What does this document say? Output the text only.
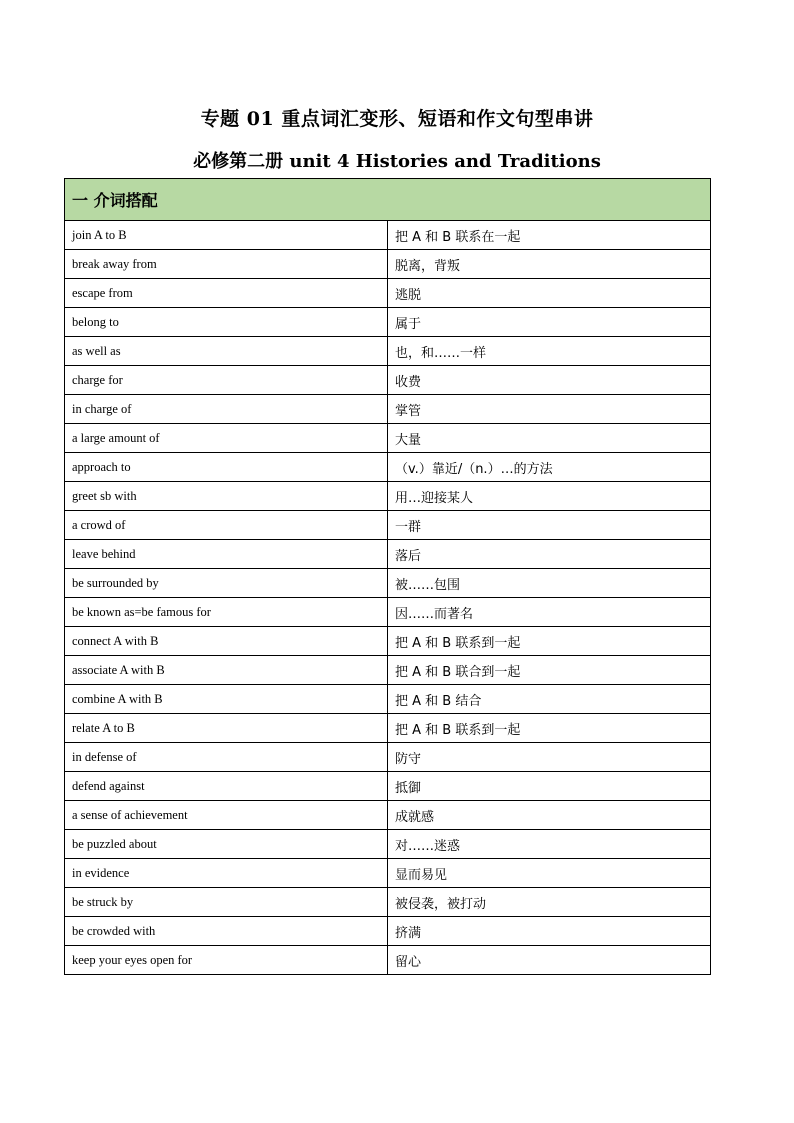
专题 01 重点词汇变形、短语和作文句型串讲
必修第二册 unit 4 Histories and Traditions
一 介词搭配	
join A to B	把 A 和 B 联系在一起
break away from	脱离，背叛
escape from	逃脱
belong to	属于
as well as	也，和……一样
charge for	收费
in charge of	掌管
a large amount of	大量
approach to	（v.）靠近/（n.）…的方法
greet sb with	用…迎接某人
a crowd of	一群
leave behind	落后
be surrounded by	被……包围
be known as=be famous for	因……而著名
connect A with B	把 A 和 B 联系到一起
associate A with B	把 A 和 B 联合到一起
combine A with B	把 A 和 B 结合
relate A to B	把 A 和 B 联系到一起
in defense of	防守
defend against	抵御
a sense of achievement	成就感
be puzzled about	对……迷惑
in evidence	显而易见
be struck by	被侵袭，被打动
be crowded with	挤满
keep your eyes open for	留心
